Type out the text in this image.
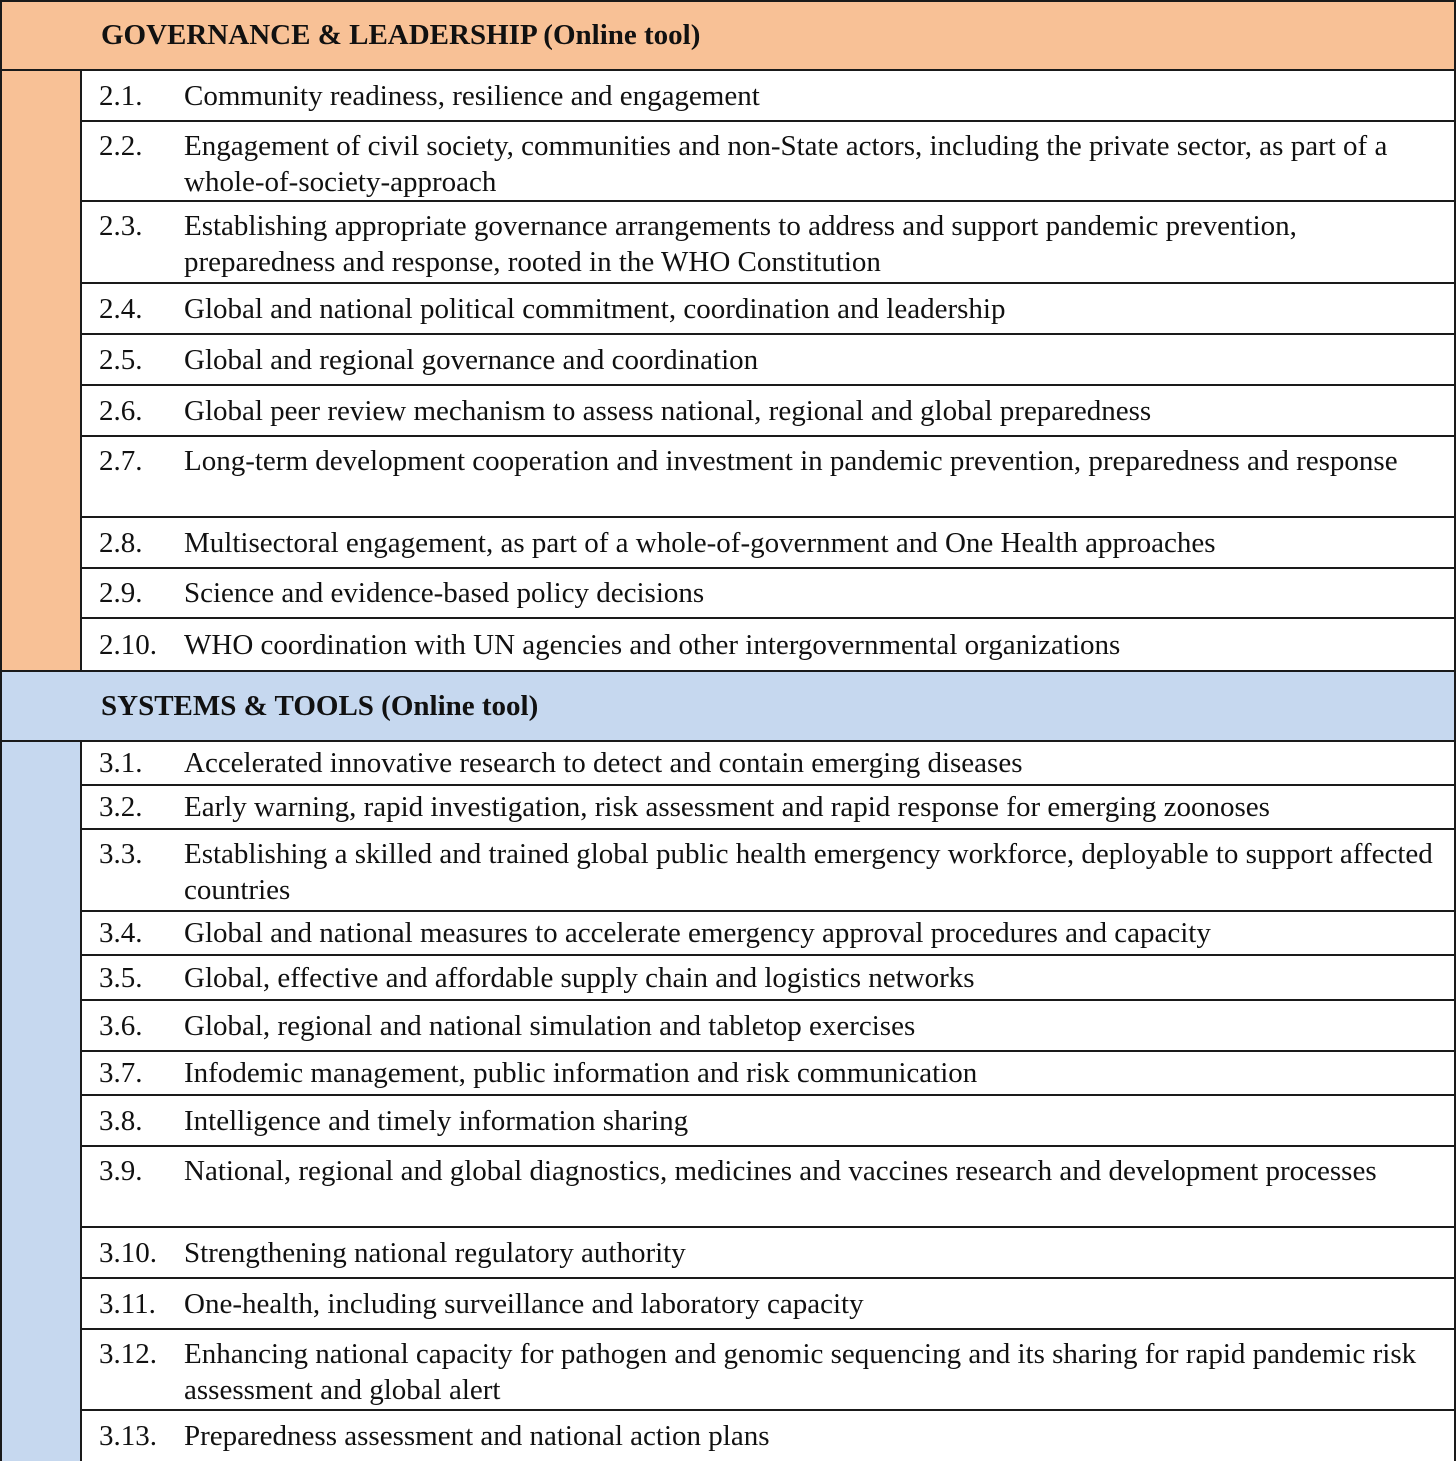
GOVERNANCE & LEADERSHIP (Online tool)
2.1.	Community readiness, resilience and engagement
2.2.	Engagement of civil society, communities and non-State actors, including the private sector, as part of a whole-of-society-approach
2.3.	Establishing appropriate governance arrangements to address and support pandemic prevention, preparedness and response, rooted in the WHO Constitution
2.4.	Global and national political commitment, coordination and leadership
2.5.	Global and regional governance and coordination
2.6.	Global peer review mechanism to assess national, regional and global preparedness
2.7.	Long-term development cooperation and investment in pandemic prevention, preparedness and response
2.8.	Multisectoral engagement, as part of a whole-of-government and One Health approaches
2.9.	Science and evidence-based policy decisions
2.10. WHO coordination with UN agencies and other intergovernmental organizations
SYSTEMS & TOOLS (Online tool)
3.1.	Accelerated innovative research to detect and contain emerging diseases
3.2.	Early warning, rapid investigation, risk assessment and rapid response for emerging zoonoses
3.3.	Establishing a skilled and trained global public health emergency workforce, deployable to support affected countries
3.4.	Global and national measures to accelerate emergency approval procedures and capacity
3.5.	Global, effective and affordable supply chain and logistics networks
3.6.	Global, regional and national simulation and tabletop exercises
3.7.	Infodemic management, public information and risk communication
3.8.	Intelligence and timely information sharing
3.9.	National, regional and global diagnostics, medicines and vaccines research and development processes
3.10. Strengthening national regulatory authority
3.11. One-health, including surveillance and laboratory capacity
3.12. Enhancing national capacity for pathogen and genomic sequencing and its sharing for rapid pandemic risk assessment and global alert
3.13. Preparedness assessment and national action plans
